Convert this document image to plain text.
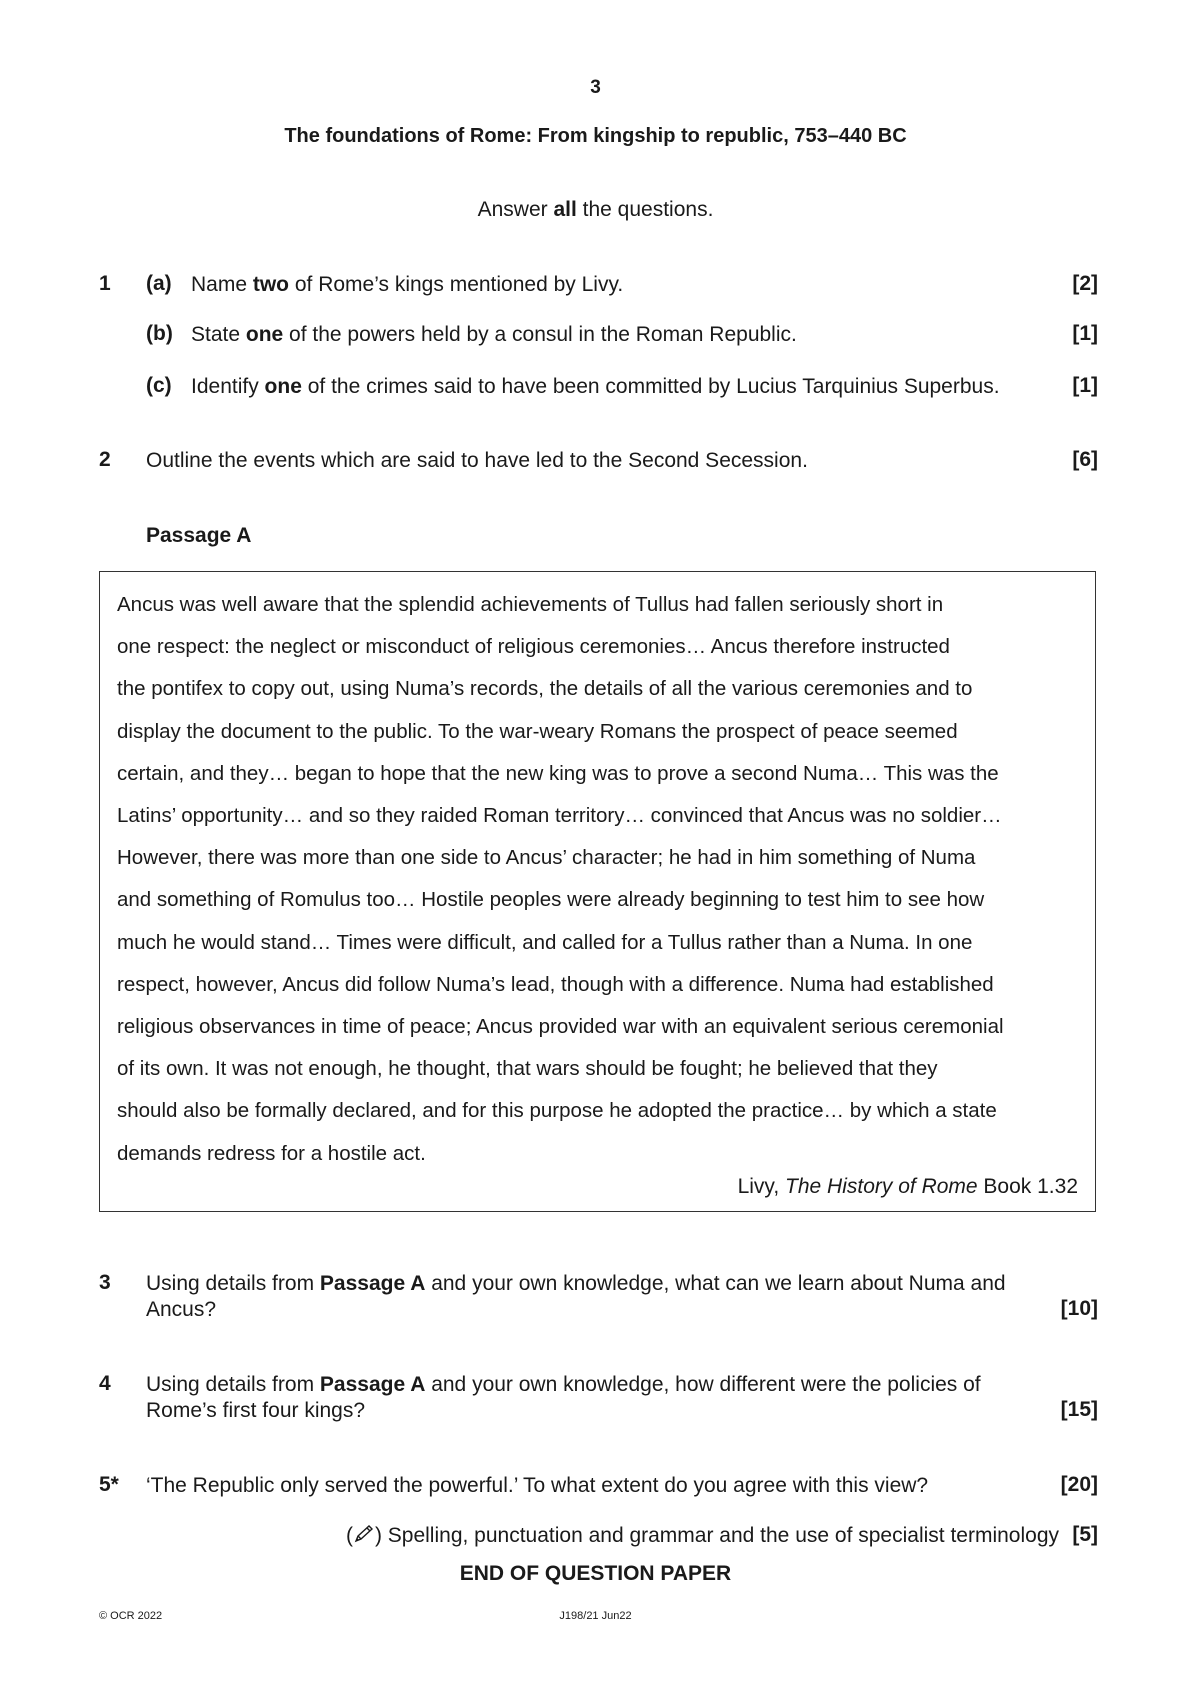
3
The foundations of Rome: From kingship to republic, 753–440 BC
Answer all the questions.
1 (a) Name two of Rome’s kings mentioned by Livy.	[2]
(b) State one of the powers held by a consul in the Roman Republic.	[1]
(c) Identify one of the crimes said to have been committed by Lucius Tarquinius Superbus.	[1]
2 Outline the events which are said to have led to the Second Secession.	[6]
Passage A
Ancus was well aware that the splendid achievements of Tullus had fallen seriously short in
one respect: the neglect or misconduct of religious ceremonies… Ancus therefore instructed
the pontifex to copy out, using Numa’s records, the details of all the various ceremonies and to
display the document to the public. To the war-weary Romans the prospect of peace seemed
certain, and they… began to hope that the new king was to prove a second Numa… This was the
Latins’ opportunity… and so they raided Roman territory… convinced that Ancus was no soldier…
However, there was more than one side to Ancus’ character; he had in him something of Numa
and something of Romulus too… Hostile peoples were already beginning to test him to see how
much he would stand… Times were difficult, and called for a Tullus rather than a Numa. In one
respect, however, Ancus did follow Numa’s lead, though with a difference. Numa had established
religious observances in time of peace; Ancus provided war with an equivalent serious ceremonial
of its own. It was not enough, he thought, that wars should be fought; he believed that they
should also be formally declared, and for this purpose he adopted the practice… by which a state
demands redress for a hostile act.
Livy, The History of Rome Book 1.32
3 Using details from Passage A and your own knowledge, what can we learn about Numa and
Ancus?	[10]
4 Using details from Passage A and your own knowledge, how different were the policies of
Rome’s first four kings?	[15]
5* ‘The Republic only served the powerful.’ To what extent do you agree with this view?	[20]
( ) Spelling, punctuation and grammar and the use of specialist terminology [5]
END OF QUESTION PAPER
© OCR 2022	J198/21 Jun22
